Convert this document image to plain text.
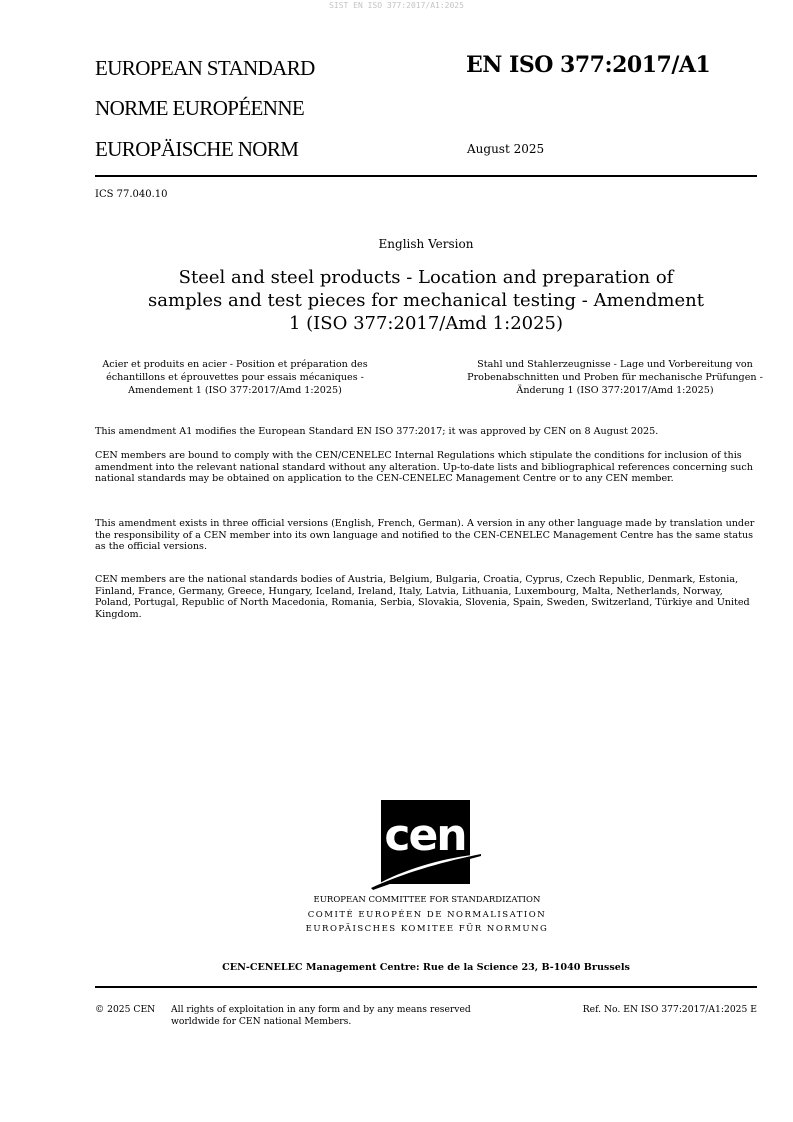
SIST EN ISO 377:2017/A1:2025
EUROPEAN STANDARD
NORME EUROPÉENNE
EUROPÄISCHE NORM
EN ISO 377:2017/A1
August 2025
ICS 77.040.10
English Version
Steel and steel products - Location and preparation of samples and test pieces for mechanical testing - Amendment 1 (ISO 377:2017/Amd 1:2025)
Acier et produits en acier - Position et préparation des échantillons et éprouvettes pour essais mécaniques - Amendement 1 (ISO 377:2017/Amd 1:2025)
Stahl und Stahlerzeugnisse - Lage und Vorbereitung von Probenabschnitten und Proben für mechanische Prüfungen - Änderung 1 (ISO 377:2017/Amd 1:2025)
This amendment A1 modifies the European Standard EN ISO 377:2017; it was approved by CEN on 8 August 2025.
CEN members are bound to comply with the CEN/CENELEC Internal Regulations which stipulate the conditions for inclusion of this amendment into the relevant national standard without any alteration. Up-to-date lists and bibliographical references concerning such national standards may be obtained on application to the CEN-CENELEC Management Centre or to any CEN member.
This amendment exists in three official versions (English, French, German). A version in any other language made by translation under the responsibility of a CEN member into its own language and notified to the CEN-CENELEC Management Centre has the same status as the official versions.
CEN members are the national standards bodies of Austria, Belgium, Bulgaria, Croatia, Cyprus, Czech Republic, Denmark, Estonia, Finland, France, Germany, Greece, Hungary, Iceland, Ireland, Italy, Latvia, Lithuania, Luxembourg, Malta, Netherlands, Norway, Poland, Portugal, Republic of North Macedonia, Romania, Serbia, Slovakia, Slovenia, Spain, Sweden, Switzerland, Türkiye and United Kingdom.
cen
EUROPEAN COMMITTEE FOR STANDARDIZATION
COMITÉ EUROPÉEN DE NORMALISATION
EUROPÄISCHES KOMITEE FÜR NORMUNG
CEN-CENELEC Management Centre: Rue de la Science 23, B-1040 Brussels
© 2025 CEN All rights of exploitation in any form and by any means reserved
worldwide for CEN national Members.
Ref. No. EN ISO 377:2017/A1:2025 E
